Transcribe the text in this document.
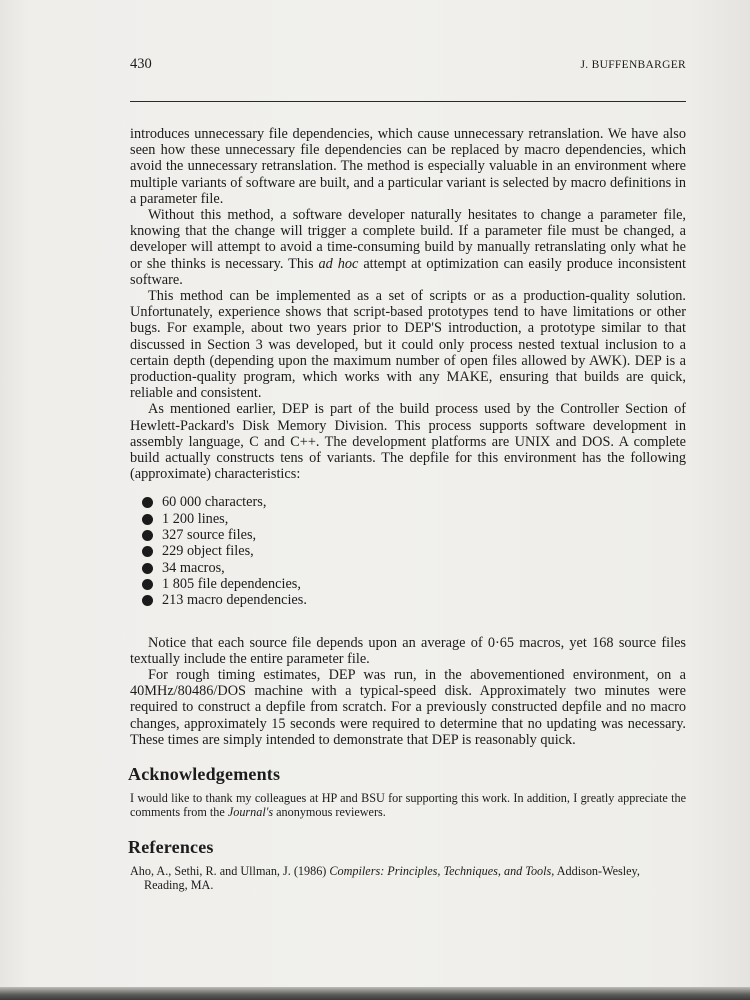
430	J. BUFFENBARGER

introduces unnecessary file dependencies, which cause unnecessary retranslation. We have also seen how these unnecessary file dependencies can be replaced by macro dependencies, which avoid the unnecessary retranslation. The method is especially valuable in an environment where multiple variants of software are built, and a particular variant is selected by macro definitions in a parameter file.

Without this method, a software developer naturally hesitates to change a parameter file, knowing that the change will trigger a complete build. If a parameter file must be changed, a developer will attempt to avoid a time-consuming build by manually retranslating only what he or she thinks is necessary. This ad hoc attempt at optimization can easily produce inconsistent software.

This method can be implemented as a set of scripts or as a production-quality solution. Unfortunately, experience shows that script-based prototypes tend to have limitations or other bugs. For example, about two years prior to DEP'S introduction, a prototype similar to that discussed in Section 3 was developed, but it could only process nested textual inclusion to a certain depth (depending upon the maximum number of open files allowed by AWK). DEP is a production-quality program, which works with any MAKE, ensuring that builds are quick, reliable and consistent.

As mentioned earlier, DEP is part of the build process used by the Controller Section of Hewlett-Packard's Disk Memory Division. This process supports software development in assembly language, C and C++. The development platforms are UNIX and DOS. A complete build actually constructs tens of variants. The depfile for this environment has the following (approximate) characteristics:

60 000 characters,
1 200 lines,
327 source files,
229 object files,
34 macros,
1 805 file dependencies,
213 macro dependencies.

Notice that each source file depends upon an average of 0·65 macros, yet 168 source files textually include the entire parameter file.

For rough timing estimates, DEP was run, in the abovementioned environment, on a 40MHz/80486/DOS machine with a typical-speed disk. Approximately two minutes were required to construct a depfile from scratch. For a previously constructed depfile and no macro changes, approximately 15 seconds were required to determine that no updating was necessary. These times are simply intended to demonstrate that DEP is reasonably quick.

Acknowledgements

I would like to thank my colleagues at HP and BSU for supporting this work. In addition, I greatly appreciate the comments from the Journal's anonymous reviewers.

References

Aho, A., Sethi, R. and Ullman, J. (1986) Compilers: Principles, Techniques, and Tools, Addison-Wesley, Reading, MA.
